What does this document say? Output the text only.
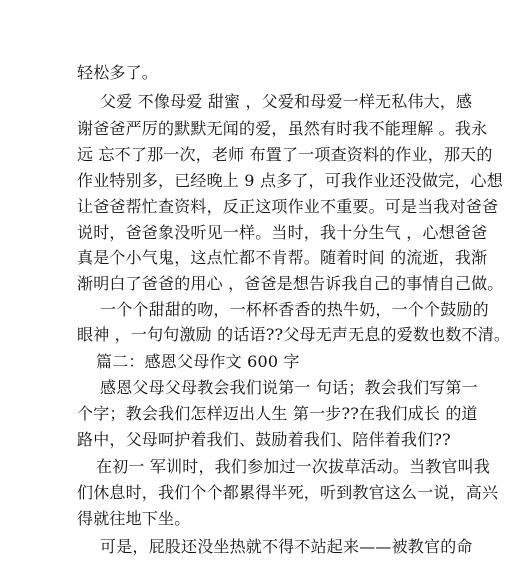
轻松多了。
父爱 不像母爱 甜蜜 ，父爱和母爱一样无私伟大，感
谢爸爸严厉的默默无闻的爱，虽然有时我不能理解 。我永
远 忘不了那一次，老师 布置了一项查资料的作业，那天的
作业特别多，已经晚上 9 点多了，可我作业还没做完，心想
让爸爸帮忙查资料，反正这项作业不重要。可是当我对爸爸
说时，爸爸象没听见一样。当时，我十分生气 ，心想爸爸
真是个小气鬼，这点忙都不肯帮。随着时间 的流逝，我渐
渐明白了爸爸的用心 ，爸爸是想告诉我自己的事情自己做。
一个个甜甜的吻，一杯杯香香的热牛奶，一个个鼓励的
眼神 ，一句句激励 的话语??父母无声无息的爱数也数不清。
篇二：感恩父母作文 600 字
感恩父母父母教会我们说第一 句话；教会我们写第一
个字；教会我们怎样迈出人生 第一步??在我们成长 的道
路中，父母呵护着我们、鼓励着我们、陪伴着我们??
在初一 军训时，我们参加过一次拔草活动。当教官叫我
们休息时，我们个个都累得半死，听到教官这么一说，高兴
得就往地下坐。
可是，屁股还没坐热就不得不站起来——被教官的命
